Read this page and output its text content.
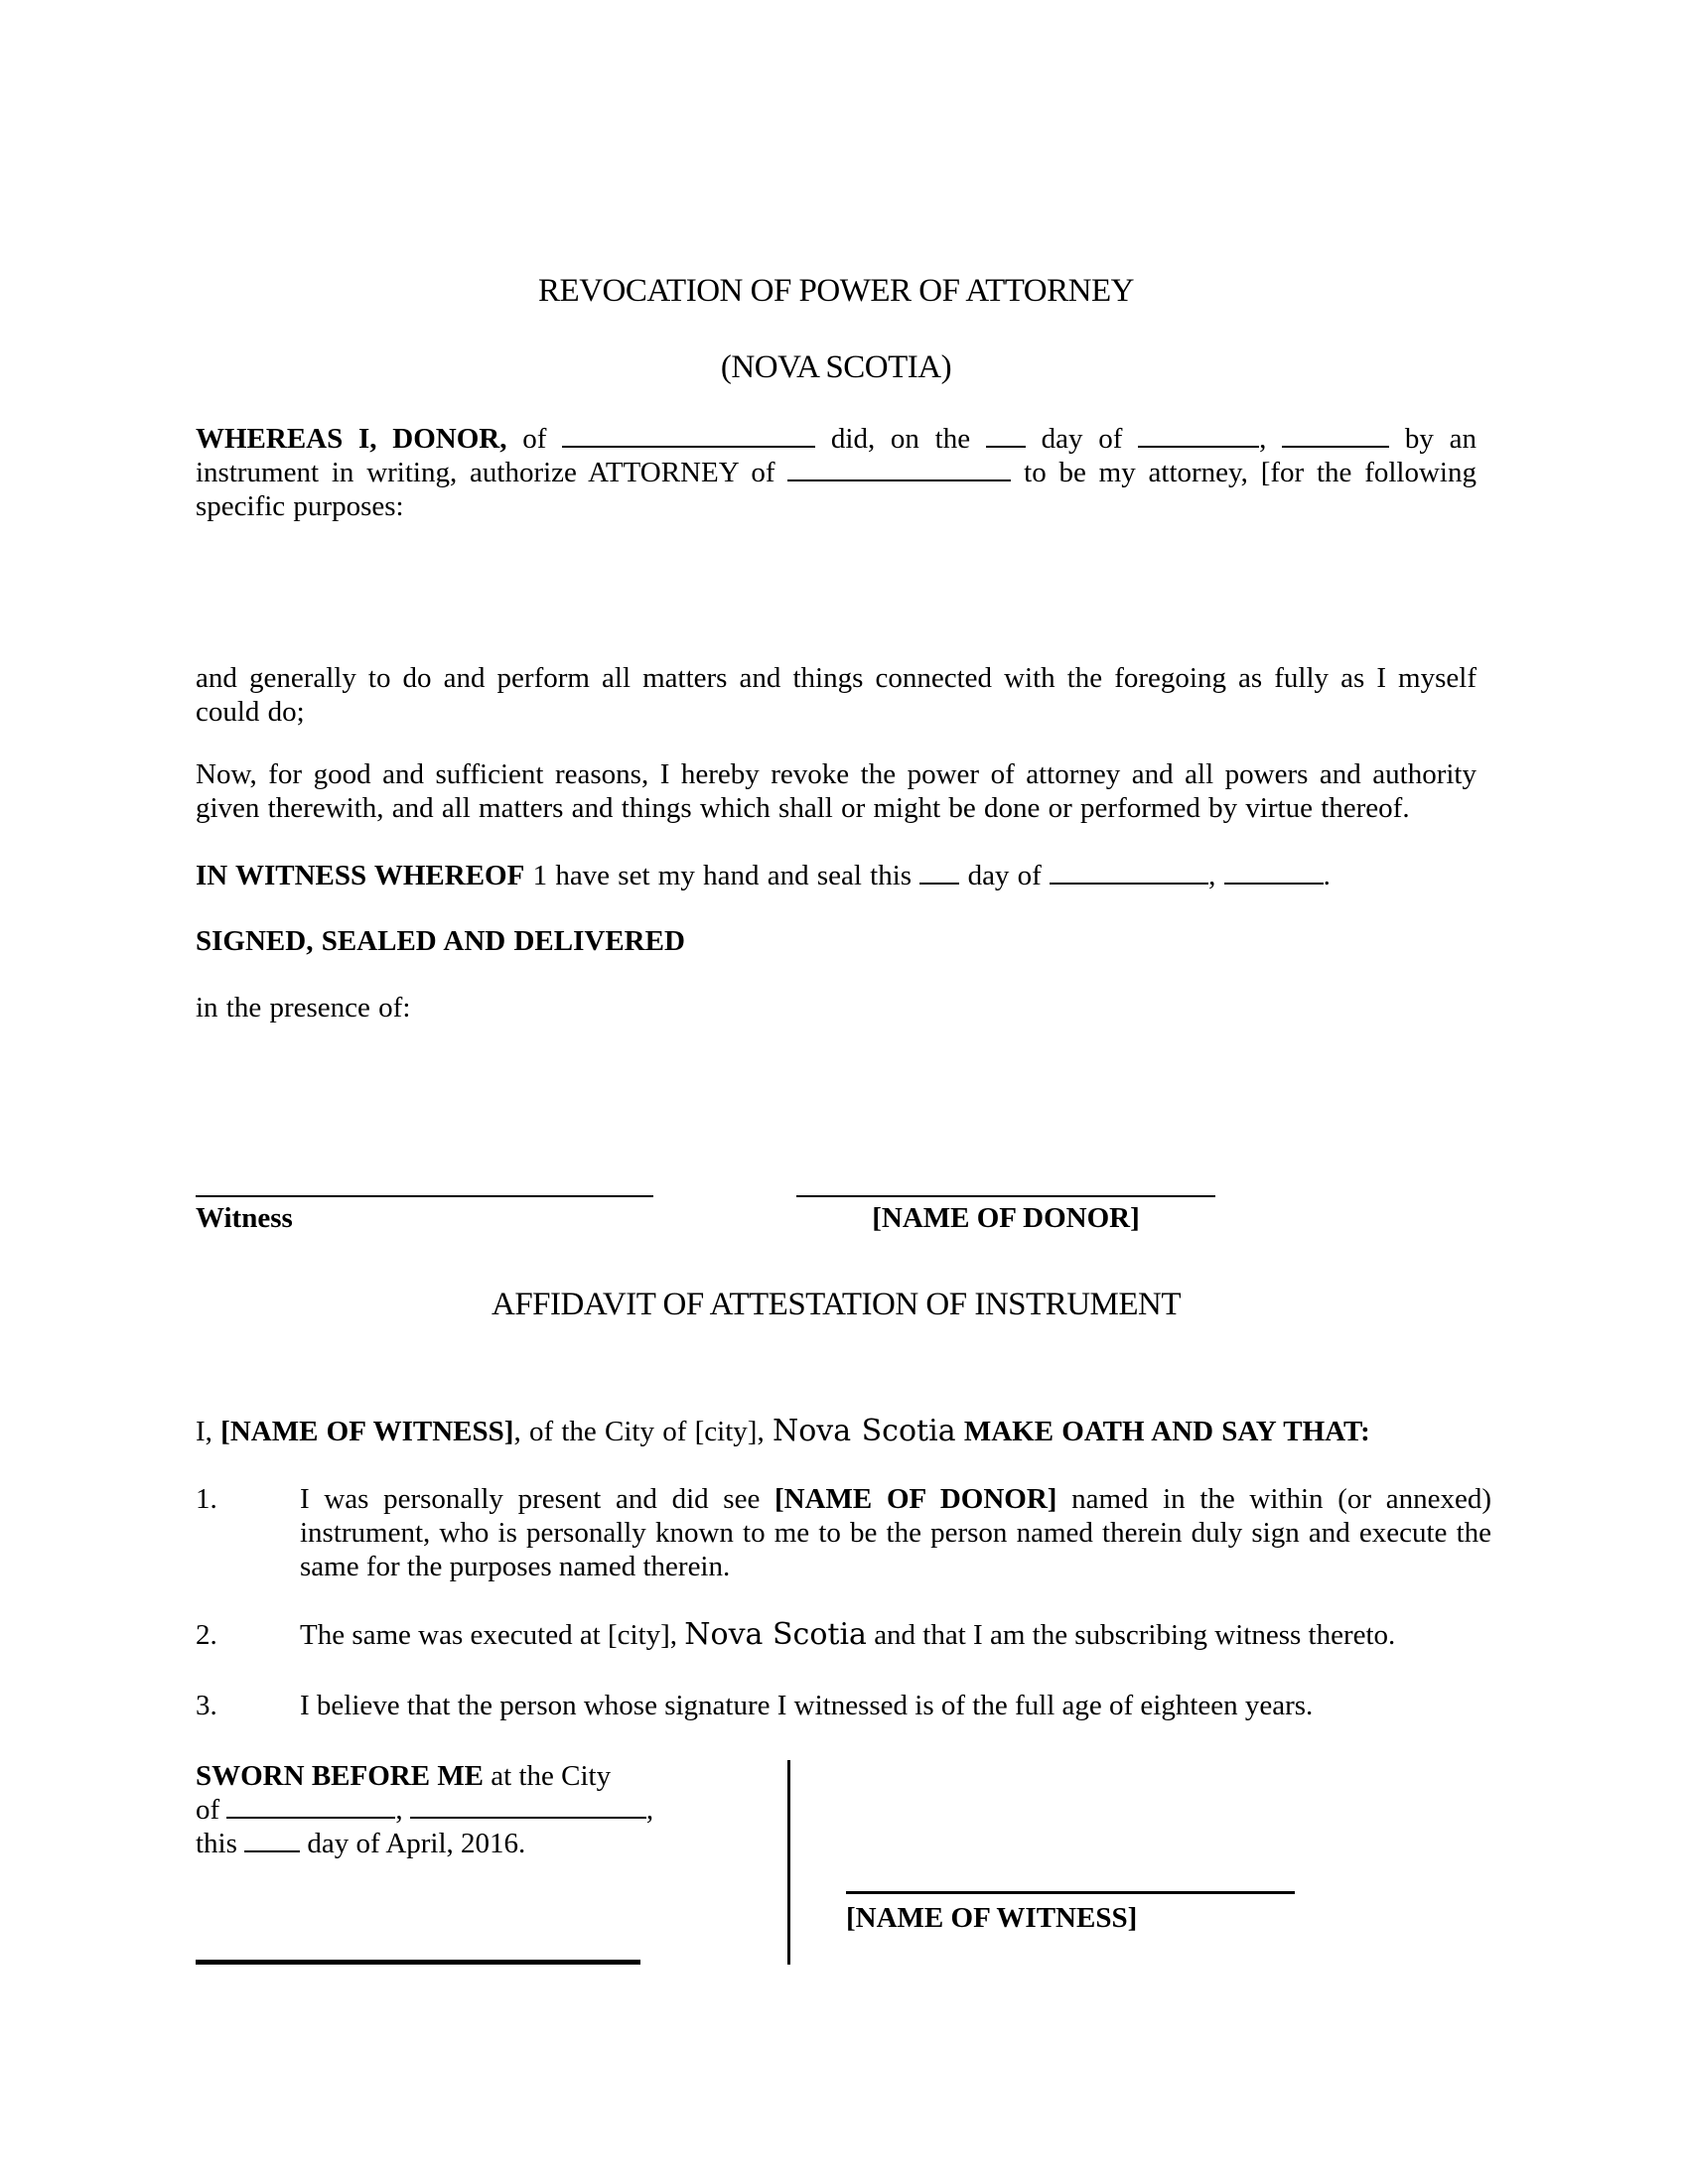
REVOCATION OF POWER OF ATTORNEY
(NOVA SCOTIA)
WHEREAS I, DONOR, of	did, on the  day of	,	by an instrument in writing, authorize ATTORNEY of	to be my attorney, [for the following specific purposes:
and generally to do and perform all matters and things connected with the foregoing as fully as I myself could do;
Now, for good and sufficient reasons, I hereby revoke the power of attorney and all powers and authority given therewith, and all matters and things which shall or might be done or performed by virtue thereof.
IN WITNESS WHEREOF 1 have set my hand and seal this  day of	,	.
SIGNED, SEALED AND DELIVERED
in the presence of:
Witness	[NAME OF DONOR]
AFFIDAVIT OF ATTESTATION OF INSTRUMENT
I, [NAME OF WITNESS], of the City of [city], Nova Scotia MAKE OATH AND SAY THAT:
1.	I was personally present and did see [NAME OF DONOR] named in the within (or annexed) instrument, who is personally known to me to be the person named therein duly sign and execute the same for the purposes named therein.
2.	The same was executed at [city], Nova Scotia and that I am the subscribing witness thereto.
3.	I believe that the person whose signature I witnessed is of the full age of eighteen years.
SWORN BEFORE ME at the City
of	,	,
this  day of April, 2016.
[NAME OF WITNESS]
